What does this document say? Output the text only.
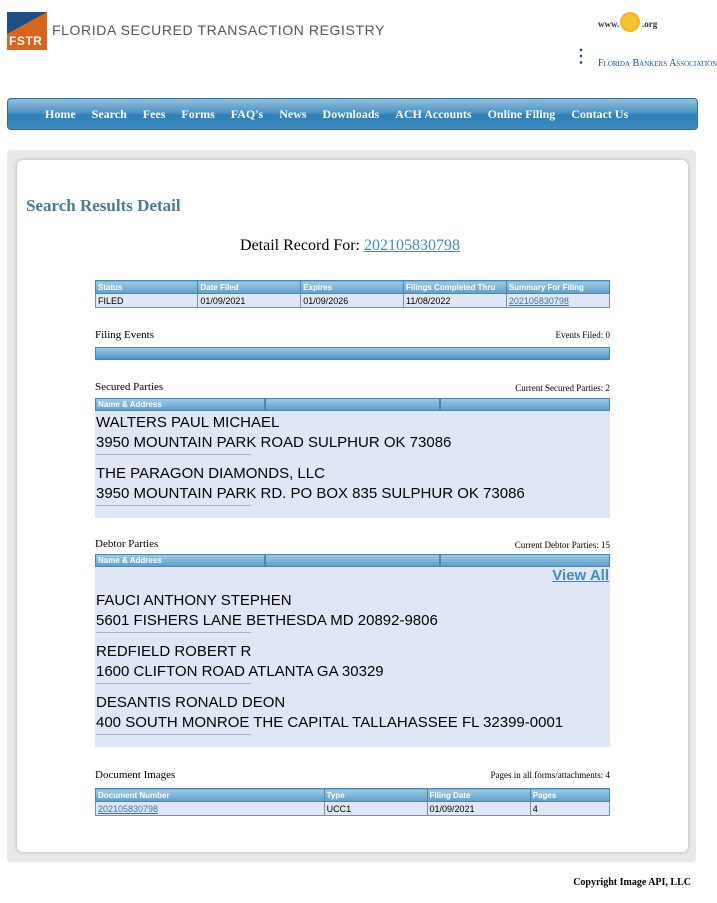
FSTR
FLORIDA SECURED TRANSACTION REGISTRY	www.	.org
⫶	Florida Bankers Association
Home Search Fees Forms FAQ's News Downloads ACH Accounts Online Filing Contact Us
Search Results Detail
Detail Record For: 202105830798
Status	Date Filed	Expires	Filings Completed Thru	Summary For Filing
FILED	01/09/2021	01/09/2026	11/08/2022	202105830798
Filing Events	Events Filed: 0
Secured Parties	Current Secured Parties: 2
Name & Address
WALTERS PAUL MICHAEL
3950 MOUNTAIN PARK ROAD SULPHUR OK 73086
THE PARAGON DIAMONDS, LLC
3950 MOUNTAIN PARK RD. PO BOX 835 SULPHUR OK 73086
Debtor Parties	Current Debtor Parties: 15
Name & Address
View All
FAUCI ANTHONY STEPHEN
5601 FISHERS LANE BETHESDA MD 20892-9806
REDFIELD ROBERT R
1600 CLIFTON ROAD ATLANTA GA 30329
DESANTIS RONALD DEON
400 SOUTH MONROE THE CAPITAL TALLAHASSEE FL 32399-0001
Document Images	Pages in all forms/attachments: 4
Document Number	Type	Filing Date	Pages
202105830798	UCC1	01/09/2021	4
Copyright Image API, LLC
